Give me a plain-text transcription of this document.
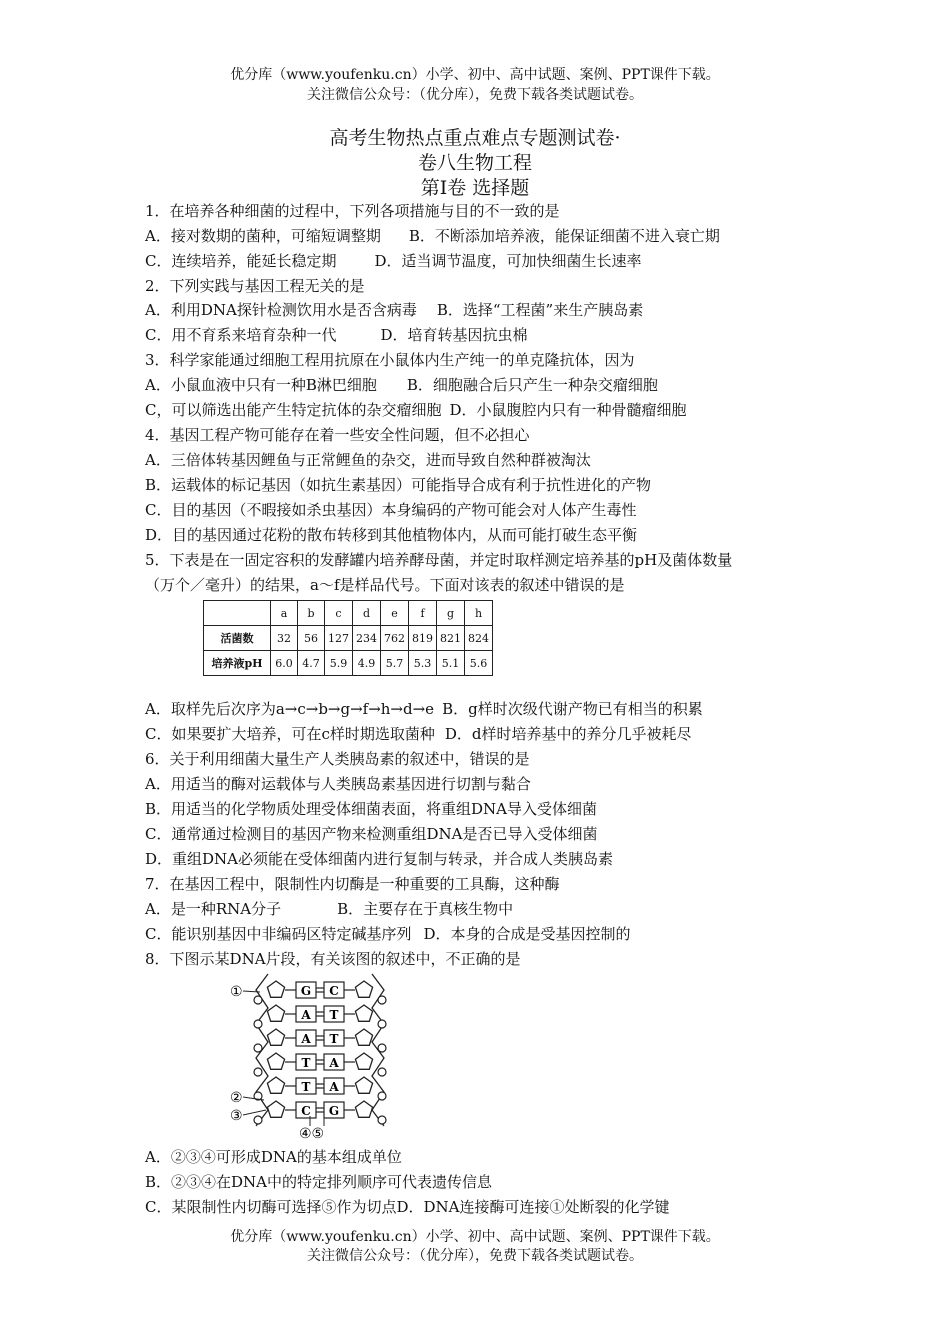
优分库（www.youfenku.cn）小学、初中、高中试题、案例、PPT课件下载。
关注微信公众号：（优分库），免费下载各类试题试卷。
高考生物热点重点难点专题测试卷·
卷八生物工程
第Ⅰ卷 选择题
1．在培养各种细菌的过程中，下列各项措施与目的不一致的是
A．接对数期的菌种，可缩短调整期 B．不断添加培养液，能保证细菌不进入衰亡期
C．连续培养，能延长稳定期	D．适当调节温度，可加快细菌生长速率
2．下列实践与基因工程无关的是
A．利用DNA探针检测饮用水是否含病毒 B．选择“工程菌”来生产胰岛素
C．用不育系来培育杂种一代	D．培育转基因抗虫棉
3．科学家能通过细胞工程用抗原在小鼠体内生产纯一的单克隆抗体，因为
A．小鼠血液中只有一种B淋巴细胞 B．细胞融合后只产生一种杂交瘤细胞
C，可以筛选出能产生特定抗体的杂交瘤细胞 D．小鼠腹腔内只有一种骨髓瘤细胞
4．基因工程产物可能存在着一些安全性问题，但不必担心
A．三倍体转基因鲤鱼与正常鲤鱼的杂交，进而导致自然种群被淘汰
B．运载体的标记基因（如抗生素基因）可能指导合成有利于抗性进化的产物
C．目的基因（不暇接如杀虫基因）本身编码的产物可能会对人体产生毒性
D．目的基因通过花粉的散布转移到其他植物体内，从而可能打破生态平衡
5．下表是在一固定容积的发酵罐内培养酵母菌，并定时取样测定培养基的pH及菌体数量
（万个／毫升）的结果，a～f是样品代号。下面对该表的叙述中错误的是
	a	b	c	d	e	f	g	h
活菌数	32	56	127	234	762	819	821	824
培养液pH	6.0	4.7	5.9	4.9	5.7	5.3	5.1	5.6
A．取样先后次序为a→c→b→g→f→h→d→e B．g样时次级代谢产物已有相当的积累
C．如果要扩大培养，可在c样时期选取菌种 D．d样时培养基中的养分几乎被耗尽
6．关于利用细菌大量生产人类胰岛素的叙述中，错误的是
A．用适当的酶对运载体与人类胰岛素基因进行切割与黏合
B．用适当的化学物质处理受体细菌表面，将重组DNA导入受体细菌
C．通常通过检测目的基因产物来检测重组DNA是否已导入受体细菌
D．重组DNA必须能在受体细菌内进行复制与转录，并合成人类胰岛素
7．在基因工程中，限制性内切酶是一种重要的工具酶，这种酶
A．是一种RNA分子	B．主要存在于真核生物中
C．能识别基因中非编码区特定碱基序列 D．本身的合成是受基因控制的
8．下图示某DNA片段，有关该图的叙述中，不正确的是
G C
A T
A T
T A
T A
C G
①
②
③
④⑤
A．②③④可形成DNA的基本组成单位
B．②③④在DNA中的特定排列顺序可代表遗传信息
C．某限制性内切酶可选择⑤作为切点D．DNA连接酶可连接①处断裂的化学键
优分库（www.youfenku.cn）小学、初中、高中试题、案例、PPT课件下载。
关注微信公众号：（优分库），免费下载各类试题试卷。
